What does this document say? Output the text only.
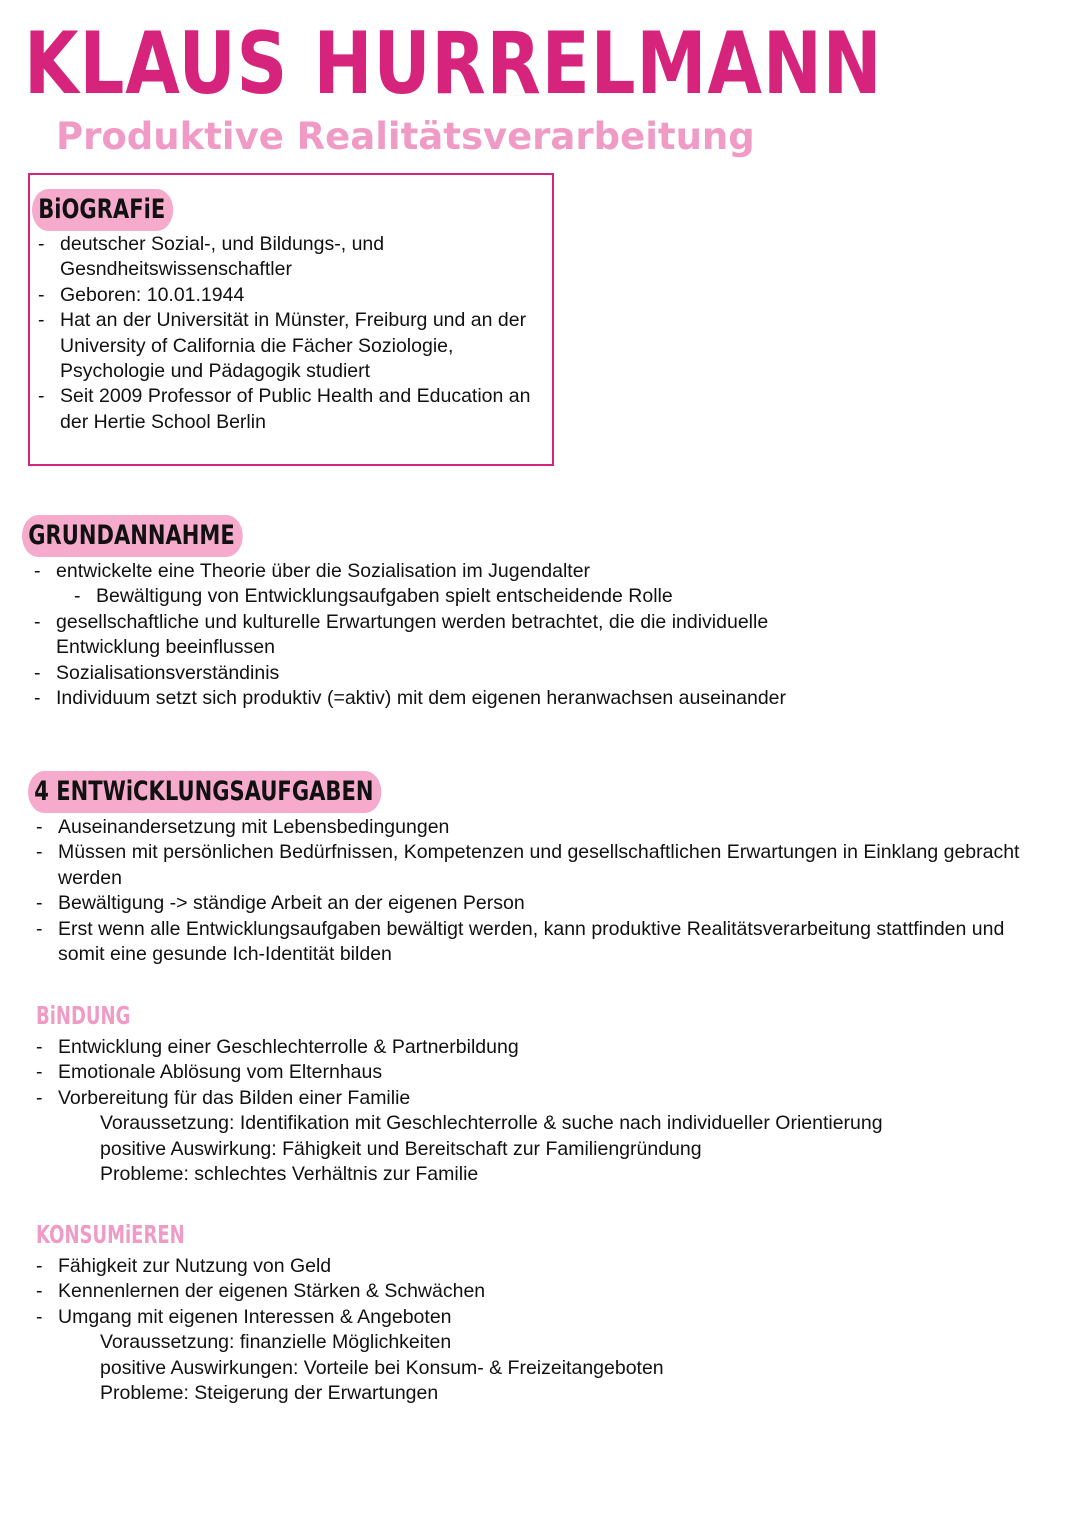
KLAUS HURRELMANN
Produktive Realitätsverarbeitung
BiOGRAFiE
- deutscher Sozial-, und Bildungs-, und Gesndheitswissenschaftler
- Geboren: 10.01.1944
- Hat an der Universität in Münster, Freiburg und an der University of California die Fächer Soziologie, Psychologie und Pädagogik studiert
- Seit 2009 Professor of Public Health and Education an der Hertie School Berlin
GRUNDANNAHME
- entwickelte eine Theorie über die Sozialisation im Jugendalter
- Bewältigung von Entwicklungsaufgaben spielt entscheidende Rolle
- gesellschaftliche und kulturelle Erwartungen werden betrachtet, die die individuelle Entwicklung beeinflussen
- Sozialisationsverständinis
- Individuum setzt sich produktiv (=aktiv) mit dem eigenen heranwachsen auseinander
4 ENTWiCKLUNGSAUFGABEN
- Auseinandersetzung mit Lebensbedingungen
- Müssen mit persönlichen Bedürfnissen, Kompetenzen und gesellschaftlichen Erwartungen in Einklang gebracht werden
- Bewältigung -> ständige Arbeit an der eigenen Person
- Erst wenn alle Entwicklungsaufgaben bewältigt werden, kann produktive Realitätsverarbeitung stattfinden und somit eine gesunde Ich-Identität bilden
BiNDUNG
- Entwicklung einer Geschlechterrolle & Partnerbildung
- Emotionale Ablösung vom Elternhaus
- Vorbereitung für das Bilden einer Familie
Voraussetzung: Identifikation mit Geschlechterrolle & suche nach individueller Orientierung
positive Auswirkung: Fähigkeit und Bereitschaft zur Familiengründung
Probleme: schlechtes Verhältnis zur Familie
KONSUMiEREN
- Fähigkeit zur Nutzung von Geld
- Kennenlernen der eigenen Stärken & Schwächen
- Umgang mit eigenen Interessen & Angeboten
Voraussetzung: finanzielle Möglichkeiten
positive Auswirkungen: Vorteile bei Konsum- & Freizeitangeboten
Probleme: Steigerung der Erwartungen
